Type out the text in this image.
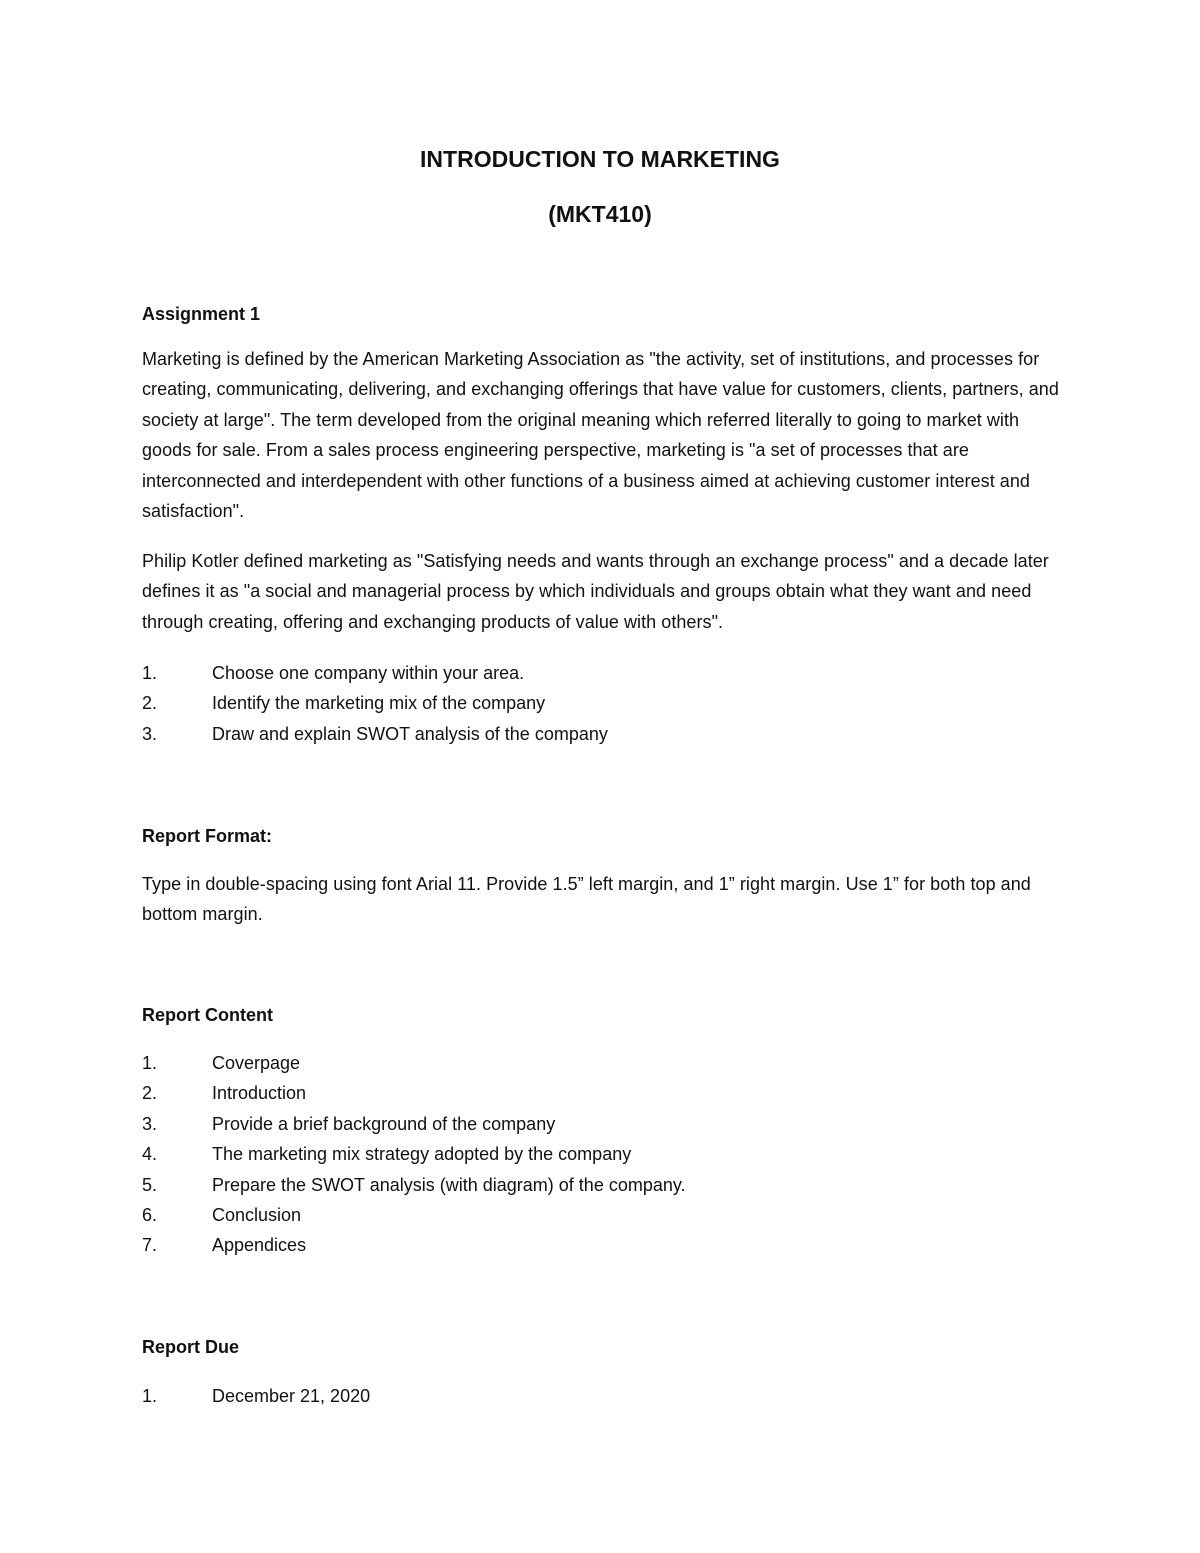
INTRODUCTION TO MARKETING
(MKT410)
Assignment 1

Marketing is defined by the American Marketing Association as "the activity, set of institutions, and processes for creating, communicating, delivering, and exchanging offerings that have value for customers, clients, partners, and society at large". The term developed from the original meaning which referred literally to going to market with goods for sale. From a sales process engineering perspective, marketing is "a set of processes that are interconnected and interdependent with other functions of a business aimed at achieving customer interest and satisfaction".

Philip Kotler defined marketing as "Satisfying needs and wants through an exchange process" and a decade later defines it as "a social and managerial process by which individuals and groups obtain what they want and need through creating, offering and exchanging products of value with others".

1.	Choose one company within your area.
2.	Identify the marketing mix of the company
3.	Draw and explain SWOT analysis of the company
Report Format:

Type in double-spacing using font Arial 11. Provide 1.5” left margin, and 1” right margin. Use 1” for both top and bottom margin.

Report Content
1.	Coverpage
2.	Introduction
3.	Provide a brief background of the company
4.	The marketing mix strategy adopted by the company
5.	Prepare the SWOT analysis (with diagram) of the company.
6.	Conclusion
7.	Appendices
Report Due
1.	December 21, 2020
